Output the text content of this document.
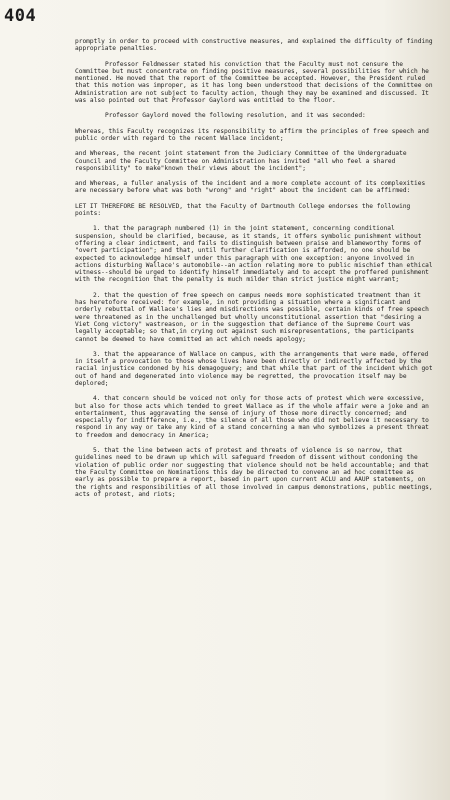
404

promptly in order to proceed with constructive measures, and explained the difficulty of finding appropriate penalties.

Professor Feldmesser stated his conviction that the Faculty must not censure the Committee but must concentrate on finding positive measures, several possibilities for which he mentioned. He moved that the report of the Committee be accepted. However, the President ruled that this motion was improper, as it has long been understood that decisions of the Committee on Administration are not subject to faculty action, though they may be examined and discussed. It was also pointed out that Professor Gaylord was entitled to the floor.

Professor Gaylord moved the following resolution, and it was seconded:

Whereas, this Faculty recognizes its responsibility to affirm the principles of free speech and public order with regard to the recent Wallace incident;

and Whereas, the recent joint statement from the Judiciary Committee of the Undergraduate Council and the Faculty Committee on Administration has invited "all who feel a shared responsibility" to make"known their views about the incident";

and Whereas, a fuller analysis of the incident and a more complete account of its complexities are necessary before what was both "wrong" and "right" about the incident can be affirmed:

LET IT THEREFORE BE RESOLVED, that the Faculty of Dartmouth College endorses the following points:

1. that the paragraph numbered (1) in the joint statement, concerning conditional suspension, should be clarified, because, as it stands, it offers symbolic punishment without offering a clear indictment, and fails to distinguish between praise and blameworthy forms of "overt participation"; and that, until further clarification is afforded, no one should be expected to acknowledge himself under this paragraph with one exception: anyone involved in actions disturbing Wallace's automobile--an action relating more to public mischief than ethical witness--should be urged to identify himself immediately and to accept the proffered punishment with the recognition that the penalty is much milder than strict justice might warrant;

2. that the question of free speech on campus needs more sophisticated treatment than it has heretofore received: for example, in not providing a situation where a significant and orderly rebuttal of Wallace's lies and misdirections was possible, certain kinds of free speech were threatened as in the unchallenged but wholly unconstitutional assertion that "desiring a Viet Cong victory" wastreason, or in the suggestion that defiance of the Supreme Court was legally acceptable; so that,in crying out against such misrepresentations, the participants cannot be deemed to have committed an act which needs apology;

3. that the appearance of Wallace on campus, with the arrangements that were made, offered in itself a provocation to those whose lives have been directly or indirectly affected by the racial injustice condoned by his demagoguery; and that while that part of the incident which got out of hand and degenerated into violence may be regretted, the provocation itself may be deplored;

4. that concern should be voiced not only for those acts of protest which were excessive, but also for those acts which tended to greet Wallace as if the whole affair were a joke and an entertainment, thus aggravating the sense of injury of those more directly concerned; and especially for indifference, i.e., the silence of all those who did not believe it necessary to respond in any way or take any kind of a stand concerning a man who symbolizes a present threat to freedom and democracy in America;

5. that the line between acts of protest and threats of violence is so narrow, that guidelines need to be drawn up which will safeguard freedom of dissent without condoning the violation of public order nor suggesting that violence should not be held accountable; and that the Faculty Committee on Nominations this day be directed to convene an ad hoc committee as early as possible to prepare a report, based in part upon current ACLU and AAUP statements, on the rights and responsibilities of all those involved in campus demonstrations, public meetings, acts of protest, and riots;
